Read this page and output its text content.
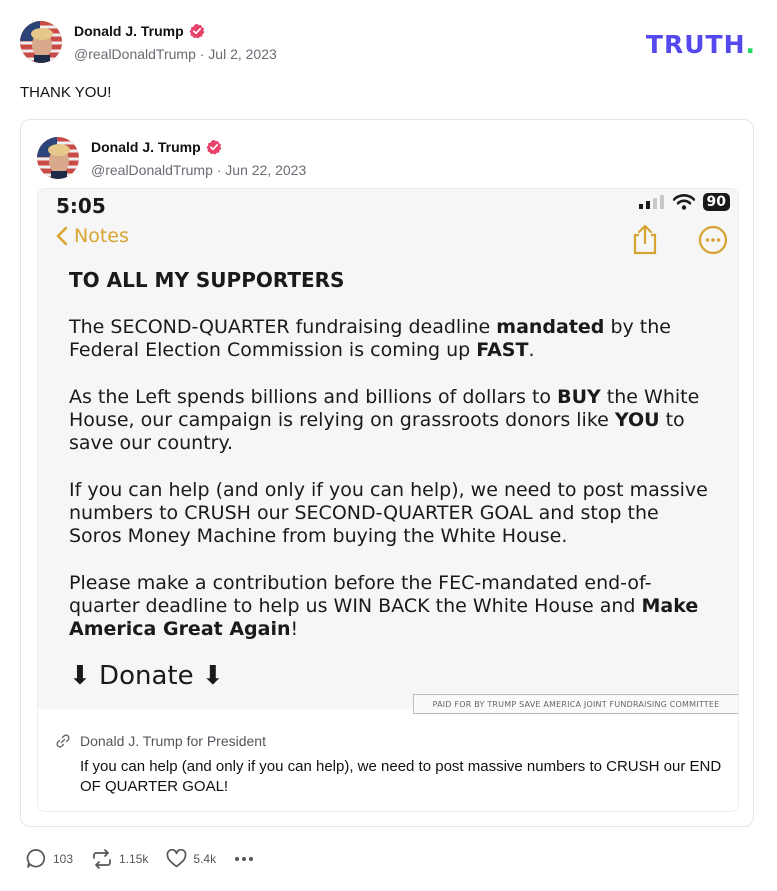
Donald J. Trump
@realDonaldTrump · Jul 2, 2023	TRUTH.
THANK YOU!
Donald J. Trump
@realDonaldTrump · Jun 22, 2023
5:05	90
Notes

TO ALL MY SUPPORTERS

The SECOND-QUARTER fundraising deadline mandated by the Federal Election Commission is coming up FAST.

As the Left spends billions and billions of dollars to BUY the White House, our campaign is relying on grassroots donors like YOU to save our country.

If you can help (and only if you can help), we need to post massive numbers to CRUSH our SECOND-QUARTER GOAL and stop the Soros Money Machine from buying the White House.

Please make a contribution before the FEC-mandated end-of-quarter deadline to help us WIN BACK the White House and Make America Great Again!

⬇ Donate ⬇

PAID FOR BY TRUMP SAVE AMERICA JOINT FUNDRAISING COMMITTEE
Donald J. Trump for President
If you can help (and only if you can help), we need to post massive numbers to CRUSH our END OF QUARTER GOAL!
103	1.15k	5.4k
